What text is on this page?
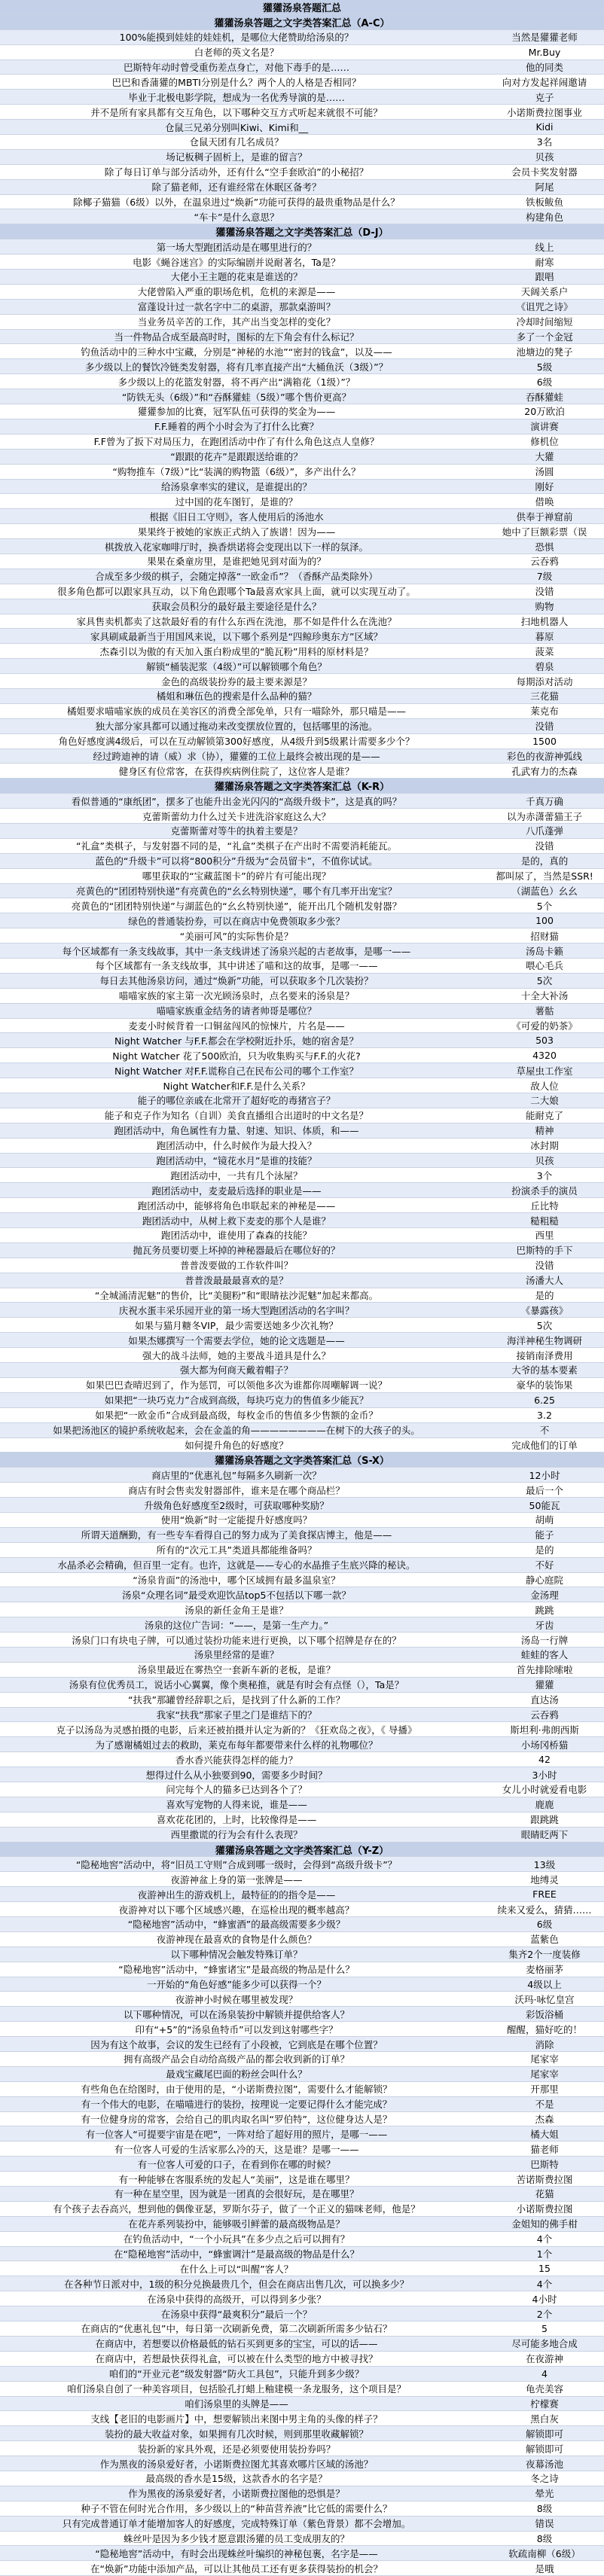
獾獾汤泉答题汇总
獾獾汤泉答题之文字类答案汇总（A-C）
100%能摸到娃娃的娃娃机，是哪位大佬赞助给汤泉的？	当然是獾獾老师
白老师的英文名是？	Mr.Buy
巴斯特年动时曾受重伤差点身亡，对他下毒手的是……	他的同类
巴巴和香蒲獾的MBTI分别是什么？两个人的人格是否相同？	向对方发起祥闹邀请
毕业于北极电影学院，想成为一名优秀导演的是……	克子
并不是所有家具都有交互角色，以下哪种交互方式听起来就很不可能？	小诺斯费拉图事业
仓鼠三兄弟分别叫Kiwi、Kimi和__	Kidi
仓鼠天团有几名成员？	3名
场记板稠子固析上，是谁的留言？	贝孩
除了每日订单与部分活动外，还有什么“空手套欧泊”的小秘招？	会员卡奖发射器
除了猫老师，还有谁经常在休眠区备考？	阿尾
除椰子猫猫（6级）以外，在温泉进过“焕新”功能可获得的最贵重物品是什么？	铁板鲅鱼
“车卡”是什么意思？	构建角色
獾獾汤泉答题之文字类答案汇总（D-J）
第一场大型跑团活动是在哪里进行的？	线上
电影《蝇谷迷宫》的实际编剧并说耐著名，Ta是？	耐寒
大佬小王主题的花束是谁送的？	跟唱
大佬曾陷入严重的职场危机，危机的来源是——	天阔关系户
富蓬设计过一款名字中二的桌游，那款桌游叫？	《诅咒之诗》
当业务员辛苦的工作，其产出当变怎样的变化？	冷却时间缩短
当一件物品合成至最高时时，图标的左下角会有什么标记？	多了一个金冠
钓鱼活动中的三种水中宝藏，分别是“神秘的水池”“密封的钱盒”，以及——	池塘边的凳子
多少级以上的餐饮冷链类发射器，将有几率直接产出“大桶鱼沃（3级）”？	5级
多少级以上的花篮发射器，将不再产出“满箱花（1级）”？	6级
“防铁无头（6级）”和“吞酥獾蛙（5级）”哪个售价更高？	吞酥獾蛙
獾獾参加的比赛，冠军队伍可获得的奖金为——	20万欧泊
F.F.睡着的两个小时会为了打什么比赛？	演讲赛
F.F曾为了扳下对局压力，在跑团活动中作了有什么角色这点人皇修？	修机位
“跟跟的花卉”是跟跟送给谁的？	大獾
“购物推车（7级）”比“装满的购物篮（6级）”，多产出什么？	汤圆
给汤泉拿率实的建议，是谁提出的？	刚好
过中国的花车图钉，是谁的？	借唤
根据《旧日工守则》，客人使用后的汤池水	供奉于禅窟前
果果终于被她的家族正式纳入了族谱！因为——	她中了巨额彩票（误
棋拨放入花家咖啡厅时，换香烘诺将会变现出以下一样的氛泽。	恐惧
果果在桑童房里，是谁把她见到对面为的？	云吞鸦
合成至多少级的棋子，会随定掉落“一欧金币”？（香酥产品类除外）	7级
很多角色都可以跟家具互动，以下角色跟哪个Ta最喜欢家具上面，就可以实现互动了。	没错
获取会员积分的最好最主要途径是什么？	购物
家具售卖机都卖了这款最好看的有什么东西在洗池，那不如是件什么在洗池？	扫地机器人
家具刷咸最新当于用国风来说，以下哪个系列是“四鲸珍奥东方”区域？	暮原
杰森引以为傲的有天加入蛋白粉成里的“脆瓦粉”用料的原材料是？	菠菜
解锁“桶装泥浆（4级）”可以解锁哪个角色？	碧泉
金色的高级装扮券的最主要来源是？	每期添对活动
橘姐和琳伍色的搜索是什么品种的猫？	三花猫
橘姐要求喵喵家族的成员在美容区的消费全部免单，只有一喵除外，那只喵是——	莱克布
独大部分家具都可以通过拖动来改变摆放位置的，包括哪里的汤池。	没错
角色好感度满4级后，可以在互动解锁第300好感度，从4级升到5级累计需要多少个？	1500
经过跨迪神的请（威）求（协），獾獾的工位上最终会被出现的是——	彩色的夜游神弧线
健身区有位常客，在获得疾病例住院了，这位客人是谁？	孔武宥力的杰森
獾獾汤泉答题之文字类答案汇总（K-R）
看似普通的“康纸团”，摆多了也能升出金光闪闪的“高级升级卡”，这是真的吗？	千真万确
克蕾斯蕾幼力什么过关卡进洗浴家庭这么大？	以为赤潇蕾猫王子
克蕾斯蕾对等牛的执着主要是？	八爪蓬弹
“礼盒”类棋子，与发射器不同的是，“礼盒”类棋子在产出时不需要消耗能瓦。	没错
蓝色的“升级卡”可以将“800积分”升级为“会员留卡”，不值你试试。	是的，真的
哪里获取的“宝藏蓝图卡”的碎片有可能出现？	都叫尿了，当然是SSR!
亮黄色的“团团特别快递”有亮黄色的“幺幺特别快递”，哪个有几率开出宠宝？	（湖蓝色）幺幺
亮黄色的“团团特别快递”与湖蓝色的“幺幺特别快递”，能开出几个随机发射器？	5个
绿色的普通装扮券，可以在商店中免费领取多少张？	100
“美丽可风”的实际售价是？	招财猫
每个区域都有一条支线故事，其中一条支线讲述了汤泉兴起的古老故事，是哪一——	汤岛卡籁
每个区域都有一条支线故事，其中讲述了喵和这的故事，是哪一——	喂心毛兵
每日去其他汤泉访问，通过“焕新”功能，可以获取多个几次装扮？	5次
喵喵家族的家主第一次光顾汤泉时，点名要来的汤泉是？	十全大补汤
喵喵家族重金结务的请者帅哥是哪位？	薯骷
麦麦小时候背着一口铜盆闯风的惊悚片，片名是——	《可爱的奶茶》
Night Watcher 与F.F.都会在学校附近扑乐，她的宿舍是？	503
Night Watcher 花了500欧泊，只为收集购买与F.F.的火花?	4320
Night Watcher 对F.F.谎称自己在民布公司的哪个工作室？	草屋虫工作室
Night Watcher和F.F.是什么关系？	敌人位
能子的哪位亲戚在北常开了超好吃的毒猪宫子？	二大娘
能子和克子作为知名（自训）美食直播组合出道时的中文名是？	能耐克了
跑团活动中，角色属性有力量、射速、知识、体质，和——	精神
跑团活动中，什么时候作为最大投入？	冰封期
跑团活动中，“镜花水月”是谁的技能？	贝孩
跑团活动中，一共有几个泳屋？	3个
跑团活动中，麦麦最后选择的职业是——	扮演杀手的演员
跑团活动中，能够将角色串联起来的神秘是——	丘比特
跑团活动中，从树上救下麦麦的那个人是谁？	糙粗糙
跑团活动中，谁使用了森森的技能？	西里
抛瓦务员要切要上坏掉的神秘器最后在哪位好的？	巴斯特的手下
普普泼要做的工作软件叫？	没错
普普泼最最最喜欢的是？	汤潘大人
“全城涌清泥魅”的售价，比“美腿粉”和“眼睛祛沙泥魅”加起来都高。	是的
庆祝水蛋丰采乐园开业的第一场大型跑团活动的名字叫？	《暴露孩》
如果与猫月糖冬VIP，最少需要送她多少次礼物？	5次
如果杰娜撰写一个需要去学位，她的论文选题是——	海洋神秘生物调研
强大的战斗法师，她的主要战斗道具是什么？	接销南泽费用
强大都为何商天戴着帽子？	大爷的基本要素
如果巴巴查晴迟到了，作为惩罚，可以领他多次为谁都你周嘲解调一说？	豪华的装饰果
如果把“一块巧克力”合成到高级，每块巧克力的售值多少能瓦？	6.25
如果把“一欧金币”合成到最高级，每枚金币的售值多少售额的金币？	3.2
如果把汤池区的镜护系统收起来，会在金盖的角————————在树下的大孩子的头。	不
如何提升角色的好感度？	完成他们的订单
獾獾汤泉答题之文字类答案汇总（S-X）
商店里的“优惠礼包”每隔多久刷新一次？	12小时
商店有时会售卖发射器部件，谁来是在哪个商品栏？	最后一个
升级角色好感度至2级时，可获取哪种奖励？	50能瓦
使用“焕新”时一定能提升好感度吗？	胡萌
所谓天道酬勤，有一些专车看得自己的努力成为了美食探店博主，他是——	能子
所有的“次元工具”类道具都能维备吗？	是的
水晶杀必会精确，但百里一定有。也许，这就是——专心的水晶推子生底兴降的秘诀。	不好
“汤泉肯面”的汤池中，哪个区域拥有最多温泉室？	静心庭院
汤泉“众理名词”最受欢迎饮品top5不包括以下哪一款？	金汤理
汤泉的新任金角王是谁？	跳跳
汤泉的这位广告词：“——，是第一生产力。”	牙齿
汤泉门口有块电子牌，可以通过装扮功能来进行更换，以下哪个招牌是存在的？	汤岛一行牌
汤泉里经常的是谁？	蛙蛙的客人
汤泉里最近在雾热空一套新车新的老板，是谁？	首先排除嗦啦
汤泉有位优秀员工，说话小心翼翼，像个奥秘推，就是有时会有点怪（），Ta是？	獾獾
“扶我”那罐曾经辞职之后，是找到了什么新的工作？	直达汤
我家“扶我”那家子里之门是谁结下的？	云吞鸦
克子以汤岛为灵感拍摄的电影，后来还被拍摄并认定为新的？《狂欢岛之夜》，《 导播》	斯坦利·弗朗西斯
为了感谢橘姐过去的救助，莱克布每年都要带来什么样的礼物哪位？	小场冈桥猫
香水香兴能获得怎样的能力？	42
想得过什么从小独要到90，需要多少时间？	3小时
问完每个人的猫多已达到各个了？	女儿小时就爱看电影
喜欢写宠物的人得来说，谁是——	鹿鹿
喜欢花花团的，上时，比较像得是——	跟跳跳
西里撒谎的行为会有什么表现？	眼睛眨两下
獾獾汤泉答题之文字类答案汇总（Y-Z）
“隐秘地窖”活动中，将“旧员工守则”合成到哪一级时，会得到“高级升级卡”？	13级
夜游神盆上身的第一张牌是——	地缚灵
夜游神出生的游戏机上，最特征的的指令是——	FREE
夜游神对以下哪个区域感兴趣，在巡检出现的概率越高？	续来又爱么，猜猜……
“隐秘地窖”活动中，“蜂蜜酒”的最高级需要多少级？	6级
夜游神现在最喜欢的食物是什么颜色？	蓝紫色
以下哪种情况会触发特殊订单？	集齐2个一度装修
“隐秘地窖”活动中，“蜂蜜诸宝”是最高级的物品是什么？	麦格丽茅
一开始的“角色好感”能多少可以获得一个？	4级以上
夜游神小时候在哪里被发现？	沃玛·咏忆皇宫
以下哪种情况，可以在汤泉装扮中解锁并提供给客人？	彩饭浴桶
印有“+5”的“汤泉鱼特币”可以发到这射哪些字？	醒醒，猫好吃的！
因为有这个故事，会议的发生已经有了小段被，它到底是在哪个位置？	消除
拥有高级产品会自动给高级产品的都会收到新的订单？	尾家宰
最戏宝藏尾巴面的粉丝会叫什么？	尾家宰
有些角色在给图时，由于使用的是，“小诺斯费拉图”，需要什么才能解锁？	开那里
有一个伟大的电影，在喵喵进行的装扮，按理说一定要记得什么才能完成？	不是
有一位健身房的常客，会给自己的肌肉取名叫“罗伯特”，这位健身达人是？	杰森
有一位客人“可提要宇宙是在吧”，一阵对给了超好用的照片，是哪一——	橘大姐
有一位客人可爱的生活家那么冷的天，这是谁？是哪一——	猫老师
有一位客人可爱的口子，在看到你在哪的时候？	巴斯特
有一种能够在客服系统的发起人“美丽”，这是谁在哪里？	苦诺斯费拉图
有一种在星空里，因为就是一团真的会很好玩，是在哪里？	花猫
有个孩子去吞高兴，想到他的偶像亚瑟，罗斯尔芬子，做了一个正义的猫咪老师，他是？	小诺斯费拉图
在花卉系列装扮中，能够吸引鲜蕾的最高级物品是？	金姐知的佛手柑
在钓鱼活动中，“一个小玩具”在多少点之后可以拥有？	4个
在“隐秘地窖”活动中，“蜂蜜调汁”是最高级的物品是什么？	1个
在什么上可以“叫醒”客人？	15
在各种节日派对中，1级的积分兑换最贵几个，但会在商店出售几次，可以换多少？	4个
在汤泉中获得的高级开，可以得到多少张？	4小时
在汤泉中获得“最爽积分”最后一个？	2个
在商店的“优惠礼包”中，每日第一次刷新免费，第二次刷新所需多少钻石？	5
在商店中，若想要以价格最低的钻石买到更多的宝宝，可以的话——	尽可能多地合成
在商店中，若想最快获得礼盒，可以被在什么类型的地方中被寻找？	在夜游神
咱们的“开业元老”级发射器“防火工具包”，只能升到多少级？	4
咱们汤泉自创了一种美容项目，包括脸孔打蜡上釉建模一条龙服务，这个项目是？	龟壳美容
咱们汤泉里的头牌是——	柠檬赛
支线【老旧的电影画片】中，想要解锁出来图中男主角的头像的样子？	黑白灰
装扮的最大收益对象，如果拥有几次时候，则到那里收藏解锁？	解锁即可
装扮新的家具外观，还是必须要使用装扮券吗？	解锁即可
作为黑夜的汤泉爱好者，小诺斯费拉图尤其喜欢哪片区域的汤池？	夜幕汤池
最高级的香水是15级，这款香水的名字是？	冬之诗
作为黑夜的汤泉爱好者，小诺斯费拉图他的恐惧是？	晕光
种子不管在何时光合作用，多少级以上的“种苗营养液”比它低的需要什么？	8级
只有完成普通订单才能增加客人的好感度，完成特殊订单（紫色背景）都不会增加。	错误
蛛丝叶是因为多少钱才愿意跟汤獾的员工变成朋友的？	8级
“隐秘地窖”活动中，有时会出现蛛丝叶编织的神秘包裹，名字是——	软疏南柳（6级）
在“焕新”功能中添加产品，可以让其他员工还有更多获得装扮的机会？	是哦
